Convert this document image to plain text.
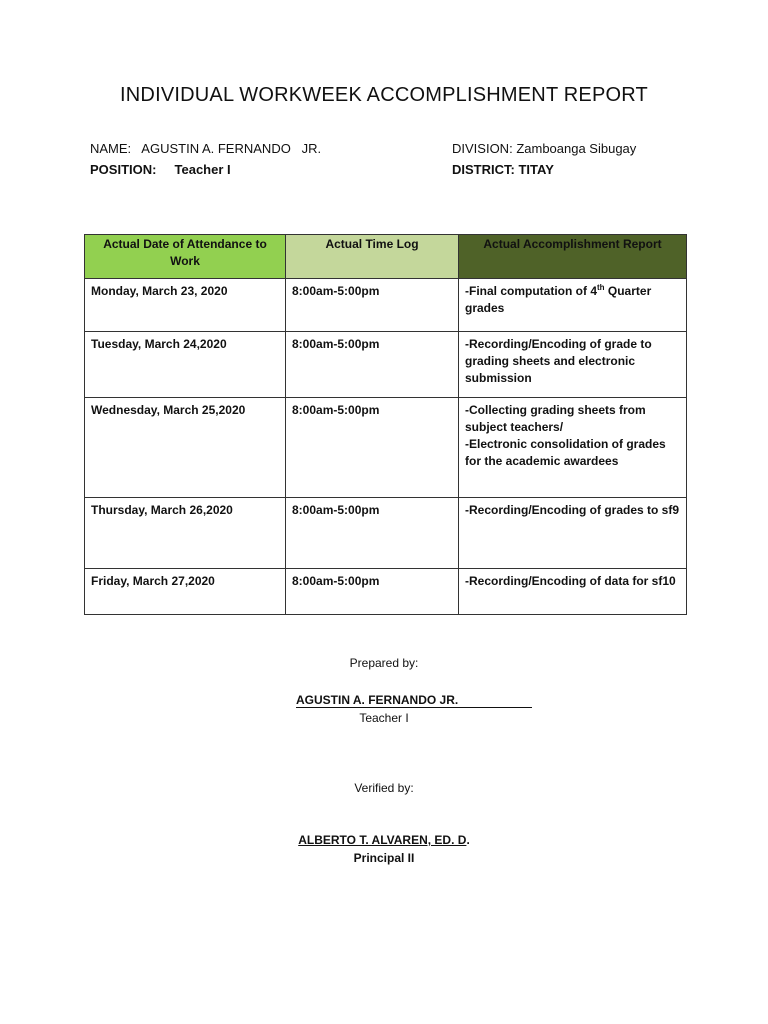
INDIVIDUAL WORKWEEK ACCOMPLISHMENT REPORT
NAME: AGUSTIN A. FERNANDO   JR.	DIVISION: Zamboanga Sibugay
POSITION: Teacher I	DISTRICT: TITAY
Actual Date of Attendance to Work	Actual Time Log	Actual Accomplishment Report
Monday, March 23, 2020	8:00am-5:00pm	-Final computation of 4th Quarter grades
Tuesday, March 24,2020	8:00am-5:00pm	-Recording/Encoding of grade to grading sheets and electronic submission
Wednesday, March 25,2020	8:00am-5:00pm	-Collecting grading sheets from subject teachers/
-Electronic consolidation of grades for the academic awardees

Thursday, March 26,2020	8:00am-5:00pm	-Recording/Encoding of grades to sf9
Friday, March 27,2020	8:00am-5:00pm	-Recording/Encoding of data for sf10
Prepared by:
AGUSTIN A. FERNANDO JR.
Teacher I
Verified by:
ALBERTO T. ALVAREN, ED. D.
Principal II
